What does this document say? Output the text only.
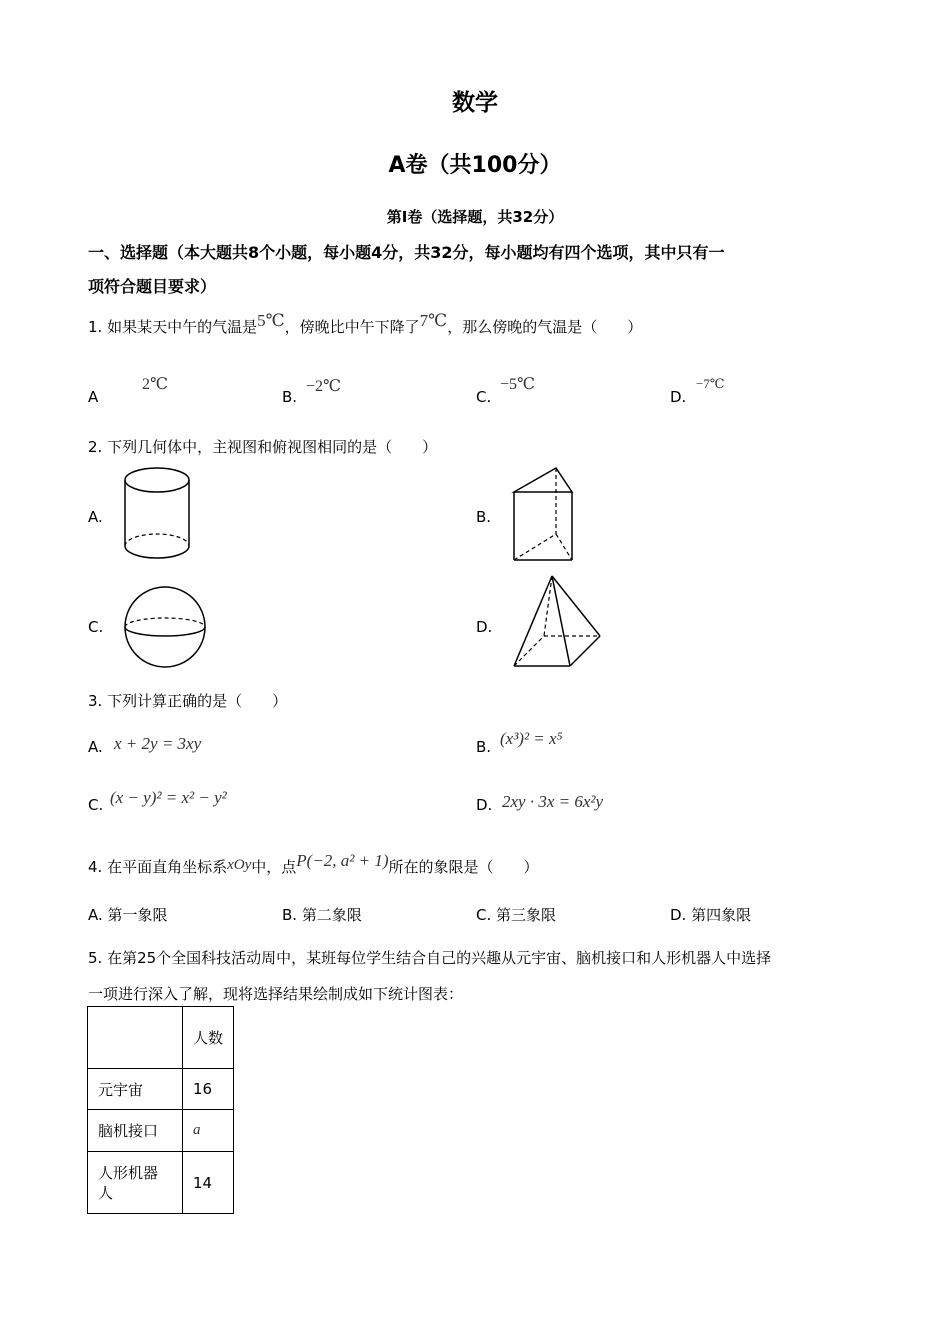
数学
A卷（共100分）
第I卷（选择题，共32分）
一、选择题（本大题共8个小题，每小题4分，共32分，每小题均有四个选项，其中只有一
项符合题目要求）
1. 如果某天中午的气温是5℃，傍晚比中午下降了7℃，那么傍晚的气温是（　　）
A
2℃
B.
−2℃
C.
−5℃
D.
−7℃
2. 下列几何体中，主视图和俯视图相同的是（　　）
A.	B.
C.	D.
3. 下列计算正确的是（　　）
A. x + 2y = 3xy	B. (x³)² = x⁵
C. (x − y)² = x² − y²	D. 2xy · 3x = 6x²y
4. 在平面直角坐标系xOy中，点P(−2, a² + 1)所在的象限是（　　）
A. 第一象限	B. 第二象限	C. 第三象限	D. 第四象限
5. 在第25个全国科技活动周中，某班每位学生结合自己的兴趣从元宇宙、脑机接口和人形机器人中选择
一项进行深入了解，现将选择结果绘制成如下统计图表：
	人数
元宇宙	16
脑机接口	a
人形机器人	14
